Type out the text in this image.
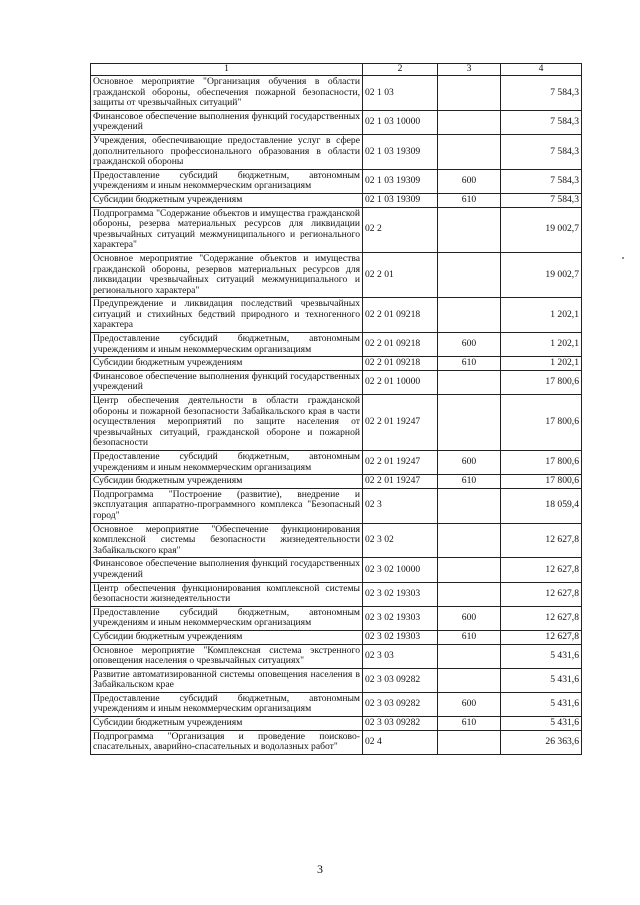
1	2	3	4
Основное мероприятие "Организация обучения в области гражданской обороны, обеспечения пожарной безопасности, защиты от чрезвычайных ситуаций"	02 1 03		7 584,3
Финансовое обеспечение выполнения функций государственных учреждений	02 1 03 10000		7 584,3
Учреждения, обеспечивающие предоставление услуг в сфере дополнительного профессионального образования в области гражданской обороны	02 1 03 19309		7 584,3
Предоставление субсидий бюджетным, автономным учреждениям и иным некоммерческим организациям	02 1 03 19309	600	7 584,3
Субсидии бюджетным учреждениям	02 1 03 19309	610	7 584,3
Подпрограмма "Содержание объектов и имущества гражданской обороны, резерва материальных ресурсов для ликвидации чрезвычайных ситуаций межмуниципального и регионального характера"	02 2		19 002,7
Основное мероприятие "Содержание объектов и имущества гражданской обороны, резервов материальных ресурсов для ликвидации чрезвычайных ситуаций межмуниципального и регионального характера"	02 2 01		19 002,7
Предупреждение и ликвидация последствий чрезвычайных ситуаций и стихийных бедствий природного и техногенного характера	02 2 01 09218		1 202,1
Предоставление субсидий бюджетным, автономным учреждениям и иным некоммерческим организациям	02 2 01 09218	600	1 202,1
Субсидии бюджетным учреждениям	02 2 01 09218	610	1 202,1
Финансовое обеспечение выполнения функций государственных учреждений	02 2 01 10000		17 800,6
Центр обеспечения деятельности в области гражданской обороны и пожарной безопасности Забайкальского края в части осуществления мероприятий по защите населения от чрезвычайных ситуаций, гражданской обороне и пожарной безопасности	02 2 01 19247		17 800,6
Предоставление субсидий бюджетным, автономным учреждениям и иным некоммерческим организациям	02 2 01 19247	600	17 800,6
Субсидии бюджетным учреждениям	02 2 01 19247	610	17 800,6
Подпрограмма "Построение (развитие), внедрение и эксплуатация аппаратно-программного комплекса "Безопасный город"	02 3		18 059,4
Основное мероприятие "Обеспечение функционирования комплексной системы безопасности жизнедеятельности Забайкальского края"	02 3 02		12 627,8
Финансовое обеспечение выполнения функций государственных учреждений	02 3 02 10000		12 627,8
Центр обеспечения функционирования комплексной системы безопасности жизнедеятельности	02 3 02 19303		12 627,8
Предоставление субсидий бюджетным, автономным учреждениям и иным некоммерческим организациям	02 3 02 19303	600	12 627,8
Субсидии бюджетным учреждениям	02 3 02 19303	610	12 627,8
Основное мероприятие "Комплексная система экстренного оповещения населения о чрезвычайных ситуациях"	02 3 03		5 431,6
Развитие автоматизированной системы оповещения населения в Забайкальском крае	02 3 03 09282		5 431,6
Предоставление субсидий бюджетным, автономным учреждениям и иным некоммерческим организациям	02 3 03 09282	600	5 431,6
Субсидии бюджетным учреждениям	02 3 03 09282	610	5 431,6
Подпрограмма "Организация и проведение поисково-спасательных, аварийно-спасательных и водолазных работ"	02 4		26 363,6
3
